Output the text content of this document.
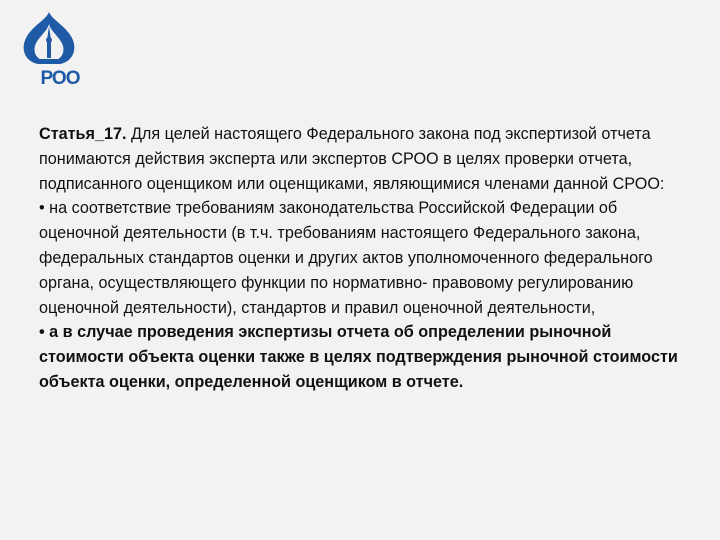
РОО

Статья_17. Для целей настоящего Федерального закона под экспертизой отчета понимаются действия эксперта или экспертов СРОО в целях проверки отчета, подписанного оценщиком или оценщиками, являющимися членами данной СРОО:

• на соответствие требованиям законодательства Российской Федерации об оценочной деятельности (в т.ч. требованиям настоящего Федерального закона, федеральных стандартов оценки и других актов уполномоченного федерального органа, осуществляющего функции по нормативно- правовому регулированию оценочной деятельности), стандартов и правил оценочной деятельности,

• а в случае проведения экспертизы отчета об определении рыночной стоимости объекта оценки также в целях подтверждения рыночной стоимости объекта оценки, определенной оценщиком в отчете.
